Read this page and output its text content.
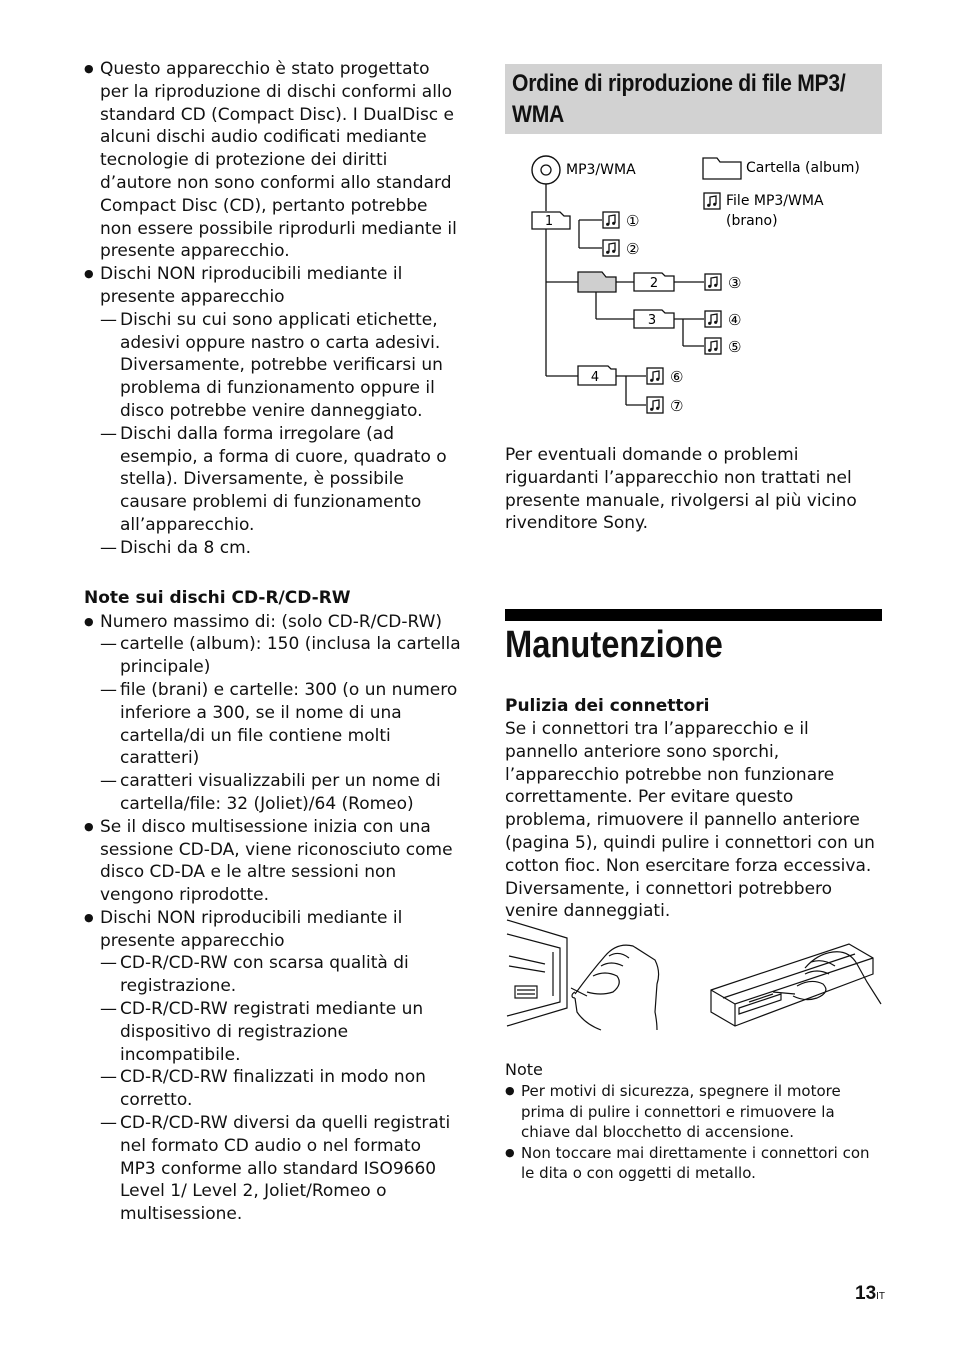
● Questo apparecchio è stato progettato per la riproduzione di dischi conformi allo standard CD (Compact Disc). I DualDisc e alcuni dischi audio codificati mediante tecnologie di protezione dei diritti d’autore non sono conformi allo standard Compact Disc (CD), pertanto potrebbe non essere possibile riprodurli mediante il presente apparecchio.
● Dischi NON riproducibili mediante il presente apparecchio
— Dischi su cui sono applicati etichette, adesivi oppure nastro o carta adesivi. Diversamente, potrebbe verificarsi un problema di funzionamento oppure il disco potrebbe venire danneggiato.
— Dischi dalla forma irregolare (ad esempio, a forma di cuore, quadrato o stella). Diversamente, è possibile causare problemi di funzionamento all’apparecchio.
— Dischi da 8 cm.
Note sui dischi CD-R/CD-RW
● Numero massimo di: (solo CD-R/CD-RW)
— cartelle (album): 150 (inclusa la cartella principale)
— file (brani) e cartelle: 300 (o un numero inferiore a 300, se il nome di una cartella/di un file contiene molti caratteri)
— caratteri visualizzabili per un nome di cartella/file: 32 (Joliet)/64 (Romeo)
● Se il disco multisessione inizia con una sessione CD-DA, viene riconosciuto come disco CD-DA e le altre sessioni non vengono riprodotte.
● Dischi NON riproducibili mediante il presente apparecchio
— CD-R/CD-RW con scarsa qualità di registrazione.
— CD-R/CD-RW registrati mediante un dispositivo di registrazione incompatibile.
— CD-R/CD-RW finalizzati in modo non corretto.
— CD-R/CD-RW diversi da quelli registrati nel formato CD audio o nel formato MP3 conforme allo standard ISO9660 Level 1/ Level 2, Joliet/Romeo o multisessione.
Ordine di riproduzione di file MP3/ WMA
MP3/WMA	Cartella (album)
File MP3/WMA
(brano)
1
2
3
4
①
②
③
④
⑤
⑥
⑦
Per eventuali domande o problemi riguardanti l’apparecchio non trattati nel presente manuale, rivolgersi al più vicino rivenditore Sony.
Manutenzione
Pulizia dei connettori
Se i connettori tra l’apparecchio e il pannello anteriore sono sporchi, l’apparecchio potrebbe non funzionare correttamente. Per evitare questo problema, rimuovere il pannello anteriore (pagina 5), quindi pulire i connettori con un cotton fioc. Non esercitare forza eccessiva. Diversamente, i connettori potrebbero venire danneggiati.
Note
● Per motivi di sicurezza, spegnere il motore prima di pulire i connettori e rimuovere la chiave dal blocchetto di accensione.
● Non toccare mai direttamente i connettori con le dita o con oggetti di metallo.
13IT
